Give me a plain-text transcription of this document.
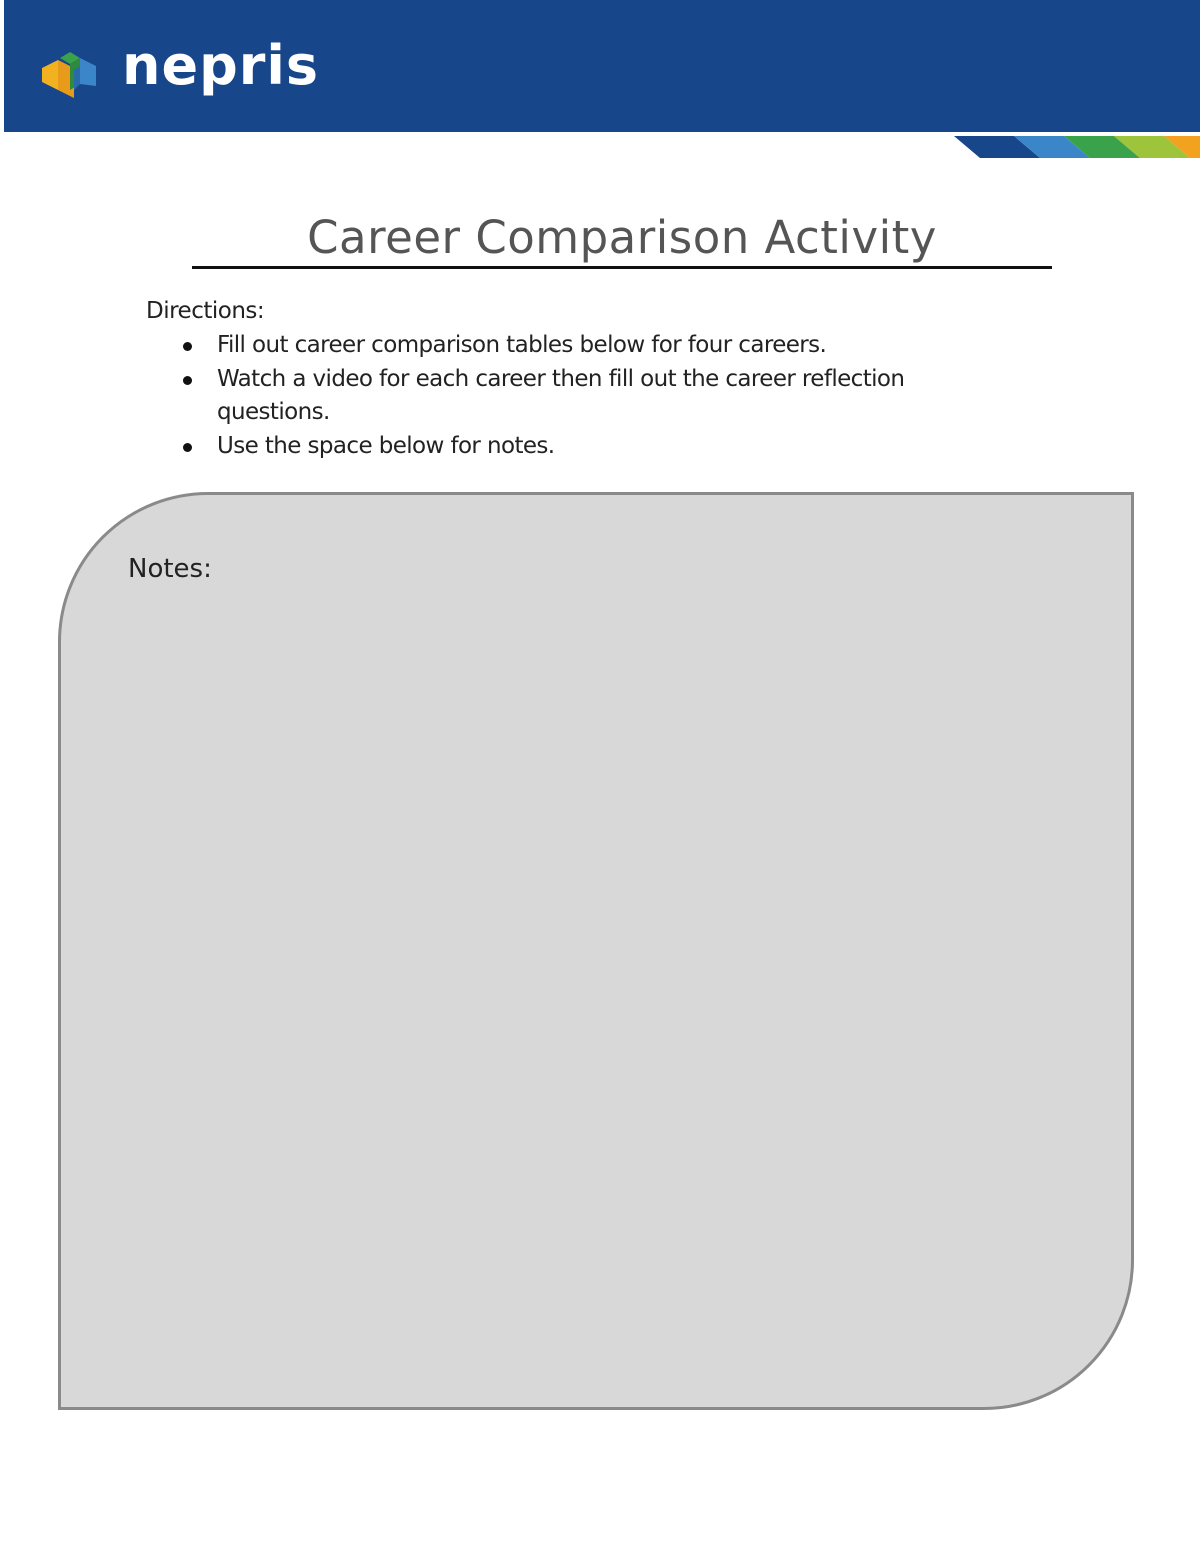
nepris
Career Comparison Activity
Directions:
Fill out career comparison tables below for four careers.
Watch a video for each career then fill out the career reflection
questions.
Use the space below for notes.
Notes:
